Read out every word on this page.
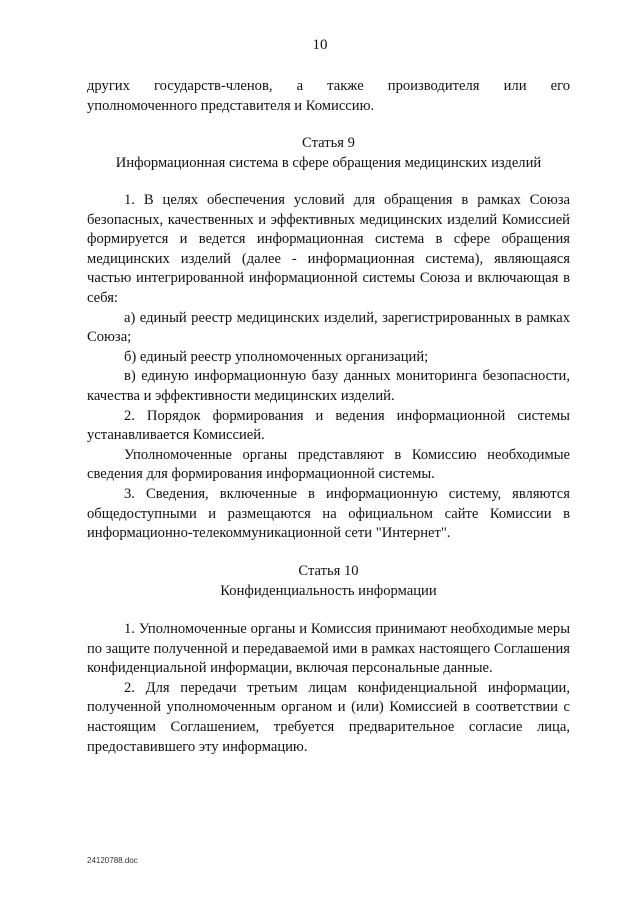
10

других государств-членов, а также производителя или его

уполномоченного представителя и Комиссию.

Статья 9

Информационная система в сфере обращения медицинских изделий

1. В целях обеспечения условий для обращения в рамках Союза безопасных, качественных и эффективных медицинских изделий Комиссией формируется и ведется информационная система в сфере обращения медицинских изделий (далее - информационная система), являющаяся частью интегрированной информационной системы Союза и включающая в себя:

а) единый реестр медицинских изделий, зарегистрированных в рамках Союза;

б) единый реестр уполномоченных организаций;

в) единую информационную базу данных мониторинга безопасности, качества и эффективности медицинских изделий.

2. Порядок формирования и ведения информационной системы устанавливается Комиссией.

Уполномоченные органы представляют в Комиссию необходимые сведения для формирования информационной системы.

3. Сведения, включенные в информационную систему, являются общедоступными и размещаются на официальном сайте Комиссии в информационно-телекоммуникационной сети "Интернет".

Статья 10

Конфиденциальность информации

1. Уполномоченные органы и Комиссия принимают необходимые меры по защите полученной и передаваемой ими в рамках настоящего Соглашения конфиденциальной информации, включая персональные данные.

2. Для передачи третьим лицам конфиденциальной информации, полученной уполномоченным органом и (или) Комиссией в соответствии с настоящим Соглашением, требуется предварительное согласие лица, предоставившего эту информацию.

24120788.doc
